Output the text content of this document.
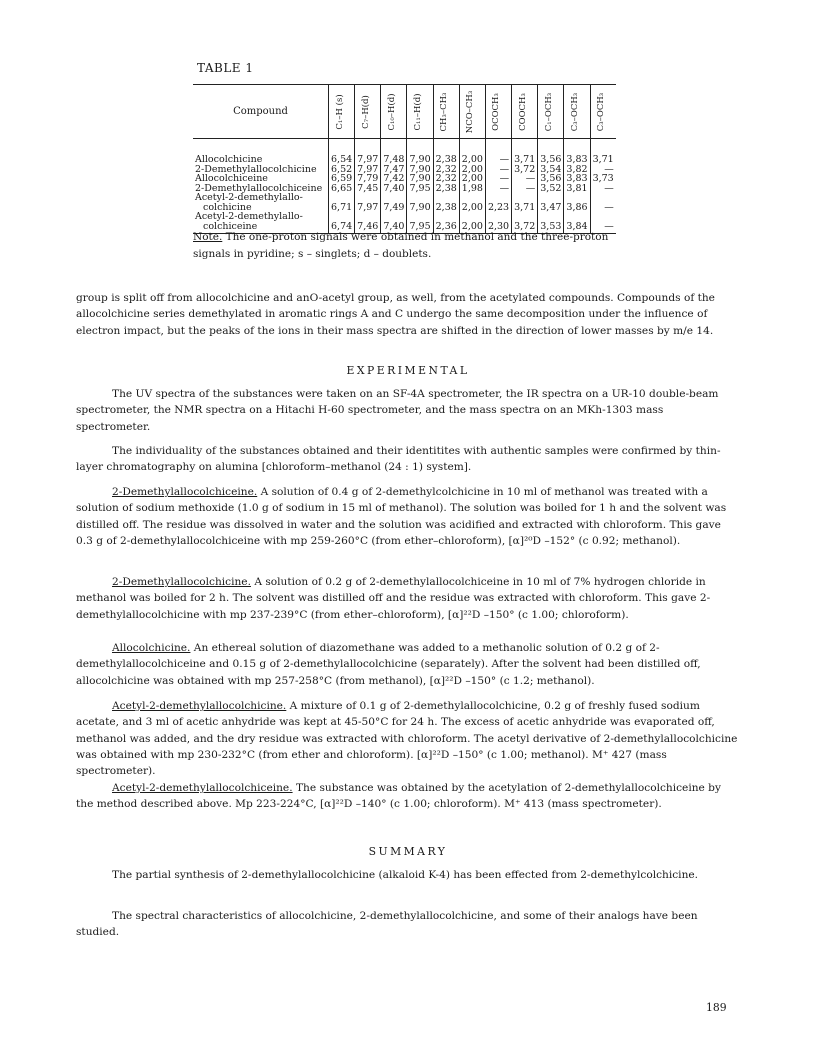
TABLE 1
Compound	C₁–H (s)	C₇–H(d)	C₁₀–H(d)	C₁₁–H(d)	CH₃–CH₃	NCO–CH₃	OCOCH₃	COOCH₃	C₁–OCH₃	C₃–OCH₃	C₃–OCH₃

Allocolchicine	6,54	7,97	7,48	7,90	2,38	2,00	—	3,71	3,56	3,83	3,71
2-Demethylallocolchicine	6,52	7,97	7,47	7,90	2,32	2,00	—	3,72	3,54	3,82	—
Allocolchiceine	6,59	7,79	7,42	7,90	2,32	2,00	—	—	3,56	3,83	3,73
2-Demethylallocolchiceine	6,65	7,45	7,40	7,95	2,38	1,98	—	—	3,52	3,81	—
Acetyl-2-demethylallo-
colchicine	6,71	7,97	7,49	7,90	2,38	2,00	2,23	3,71	3,47	3,86	—
Acetyl-2-demethylallo-
colchiceine	6,74	7,46	7,40	7,95	2,36	2,00	2,30	3,72	3,53	3,84	—
Note. The one-proton signals were obtained in methanol and the three-proton signals in pyridine; s – singlets; d – doublets.

group is split off from allocolchicine and anO-acetyl group, as well, from the acetylated compounds. Compounds of the allocolchicine series demethylated in aromatic rings A and C undergo the same decomposition under the influence of electron impact, but the peaks of the ions in their mass spectra are shifted in the direction of lower masses by m/e 14.

EXPERIMENTAL

The UV spectra of the substances were taken on an SF-4A spectrometer, the IR spectra on a UR-10 double-beam spectrometer, the NMR spectra on a Hitachi H-60 spectrometer, and the mass spectra on an MKh-1303 mass spectrometer.

The individuality of the substances obtained and their identitites with authentic samples were confirmed by thin-layer chromatography on alumina [chloroform–methanol (24 : 1) system].

2-Demethylallocolchiceine. A solution of 0.4 g of 2-demethylcolchicine in 10 ml of methanol was treated with a solution of sodium methoxide (1.0 g of sodium in 15 ml of methanol). The solution was boiled for 1 h and the solvent was distilled off. The residue was dissolved in water and the solution was acidified and extracted with chloroform. This gave 0.3 g of 2-demethylallocolchiceine with mp 259-260°C (from ether–chloroform), [α]²⁰D –152° (c 0.92; methanol).

2-Demethylallocolchicine. A solution of 0.2 g of 2-demethylallocolchiceine in 10 ml of 7% hydrogen chloride in methanol was boiled for 2 h. The solvent was distilled off and the residue was extracted with chloroform. This gave 2-demethylallocolchicine with mp 237-239°C (from ether–chloroform), [α]²²D –150° (c 1.00; chloroform).

Allocolchicine. An ethereal solution of diazomethane was added to a methanolic solution of 0.2 g of 2-demethylallocolchiceine and 0.15 g of 2-demethylallocolchicine (separately). After the solvent had been distilled off, allocolchicine was obtained with mp 257-258°C (from methanol), [α]²²D –150° (c 1.2; methanol).

Acetyl-2-demethylallocolchicine. A mixture of 0.1 g of 2-demethylallocolchicine, 0.2 g of freshly fused sodium acetate, and 3 ml of acetic anhydride was kept at 45-50°C for 24 h. The excess of acetic anhydride was evaporated off, methanol was added, and the dry residue was extracted with chloroform. The acetyl derivative of 2-demethylallocolchicine was obtained with mp 230-232°C (from ether and chloroform). [α]²²D –150° (c 1.00; methanol). M⁺ 427 (mass spectrometer).

Acetyl-2-demethylallocolchiceine. The substance was obtained by the acetylation of 2-demethylallocolchiceine by the method described above. Mp 223-224°C, [α]²²D –140° (c 1.00; chloroform). M⁺ 413 (mass spectrometer).

SUMMARY

The partial synthesis of 2-demethylallocolchicine (alkaloid K-4) has been effected from 2-demethylcolchicine.

The spectral characteristics of allocolchicine, 2-demethylallocolchicine, and some of their analogs have been studied.

189
